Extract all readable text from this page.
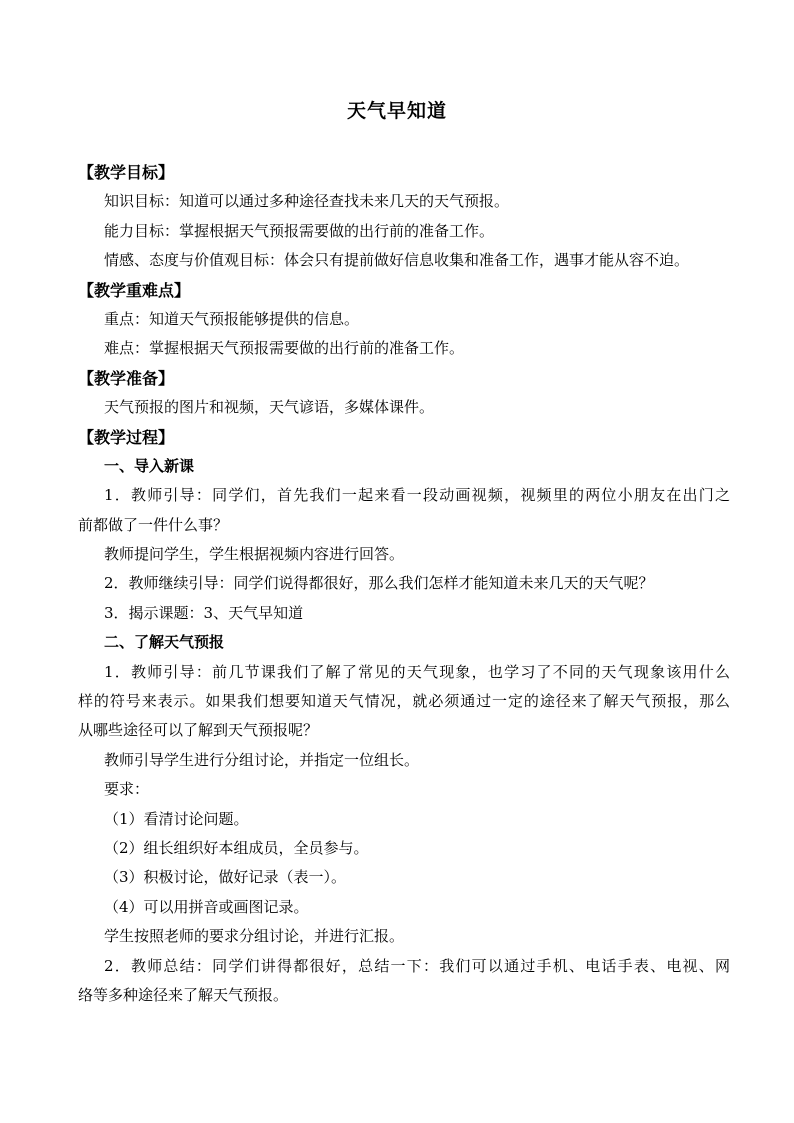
天气早知道
【教学目标】
知识目标：知道可以通过多种途径查找未来几天的天气预报。
能力目标：掌握根据天气预报需要做的出行前的准备工作。
情感、态度与价值观目标：体会只有提前做好信息收集和准备工作，遇事才能从容不迫。
【教学重难点】
重点：知道天气预报能够提供的信息。
难点：掌握根据天气预报需要做的出行前的准备工作。
【教学准备】
天气预报的图片和视频，天气谚语，多媒体课件。
【教学过程】
一、导入新课
1．教师引导：同学们，首先我们一起来看一段动画视频，视频里的两位小朋友在出门之
前都做了一件什么事？
教师提问学生，学生根据视频内容进行回答。
2．教师继续引导：同学们说得都很好，那么我们怎样才能知道未来几天的天气呢？
3．揭示课题：3、天气早知道
二、了解天气预报
1．教师引导：前几节课我们了解了常见的天气现象，也学习了不同的天气现象该用什么
样的符号来表示。如果我们想要知道天气情况，就必须通过一定的途径来了解天气预报，那么
从哪些途径可以了解到天气预报呢？
教师引导学生进行分组讨论，并指定一位组长。
要求：
（1）看清讨论问题。
（2）组长组织好本组成员，全员参与。
（3）积极讨论，做好记录（表一）。
（4）可以用拼音或画图记录。
学生按照老师的要求分组讨论，并进行汇报。
2．教师总结：同学们讲得都很好，总结一下：我们可以通过手机、电话手表、电视、网
络等多种途径来了解天气预报。
